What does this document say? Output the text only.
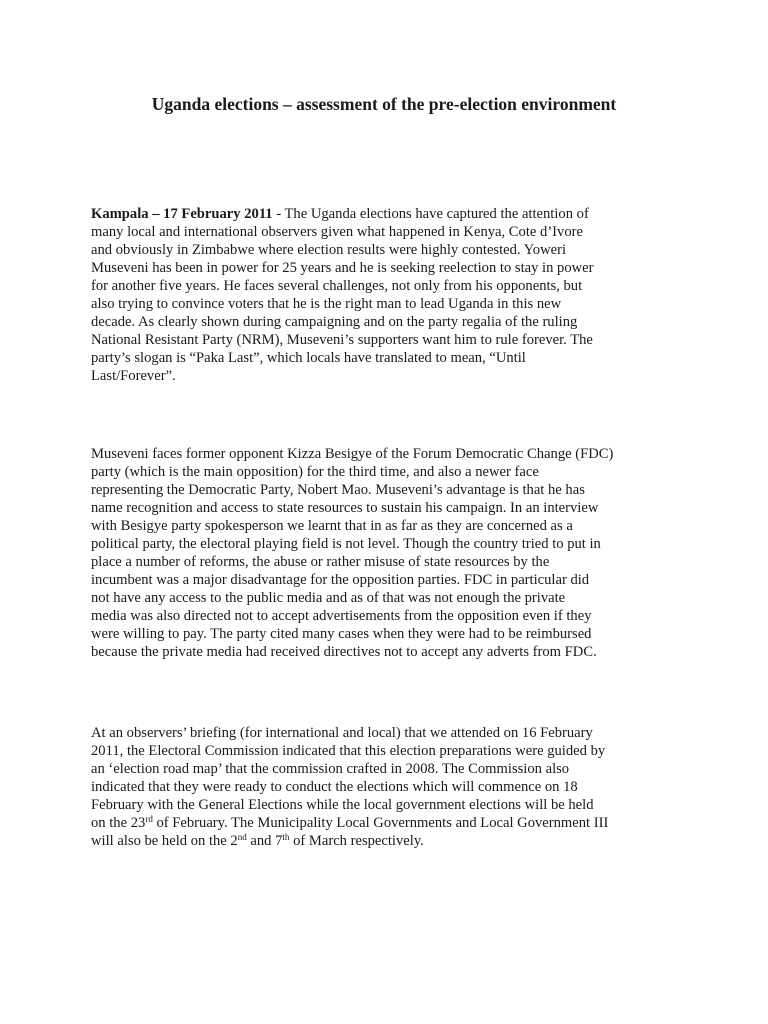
Uganda elections – assessment of the pre-election environment
Kampala – 17 February 2011 - The Uganda elections have captured the attention of
many local and international observers given what happened in Kenya, Cote d’Ivore
and obviously in Zimbabwe where election results were highly contested. Yoweri
Museveni has been in power for 25 years and he is seeking reelection to stay in power
for another five years. He faces several challenges, not only from his opponents, but
also trying to convince voters that he is the right man to lead Uganda in this new
decade. As clearly shown during campaigning and on the party regalia of the ruling
National Resistant Party (NRM), Museveni’s supporters want him to rule forever. The
party’s slogan is “Paka Last”, which locals have translated to mean, “Until
Last/Forever”.
Museveni faces former opponent Kizza Besigye of the Forum Democratic Change (FDC)
party (which is the main opposition) for the third time, and also a newer face
representing the Democratic Party, Nobert Mao. Museveni’s advantage is that he has
name recognition and access to state resources to sustain his campaign. In an interview
with Besigye party spokesperson we learnt that in as far as they are concerned as a
political party, the electoral playing field is not level. Though the country tried to put in
place a number of reforms, the abuse or rather misuse of state resources by the
incumbent was a major disadvantage for the opposition parties. FDC in particular did
not have any access to the public media and as of that was not enough the private
media was also directed not to accept advertisements from the opposition even if they
were willing to pay. The party cited many cases when they were had to be reimbursed
because the private media had received directives not to accept any adverts from FDC.
At an observers’ briefing (for international and local) that we attended on 16 February
2011, the Electoral Commission indicated that this election preparations were guided by
an ‘election road map’ that the commission crafted in 2008. The Commission also
indicated that they were ready to conduct the elections which will commence on 18
February with the General Elections while the local government elections will be held
on the 23rd of February. The Municipality Local Governments and Local Government III
will also be held on the 2nd and 7th of March respectively.
